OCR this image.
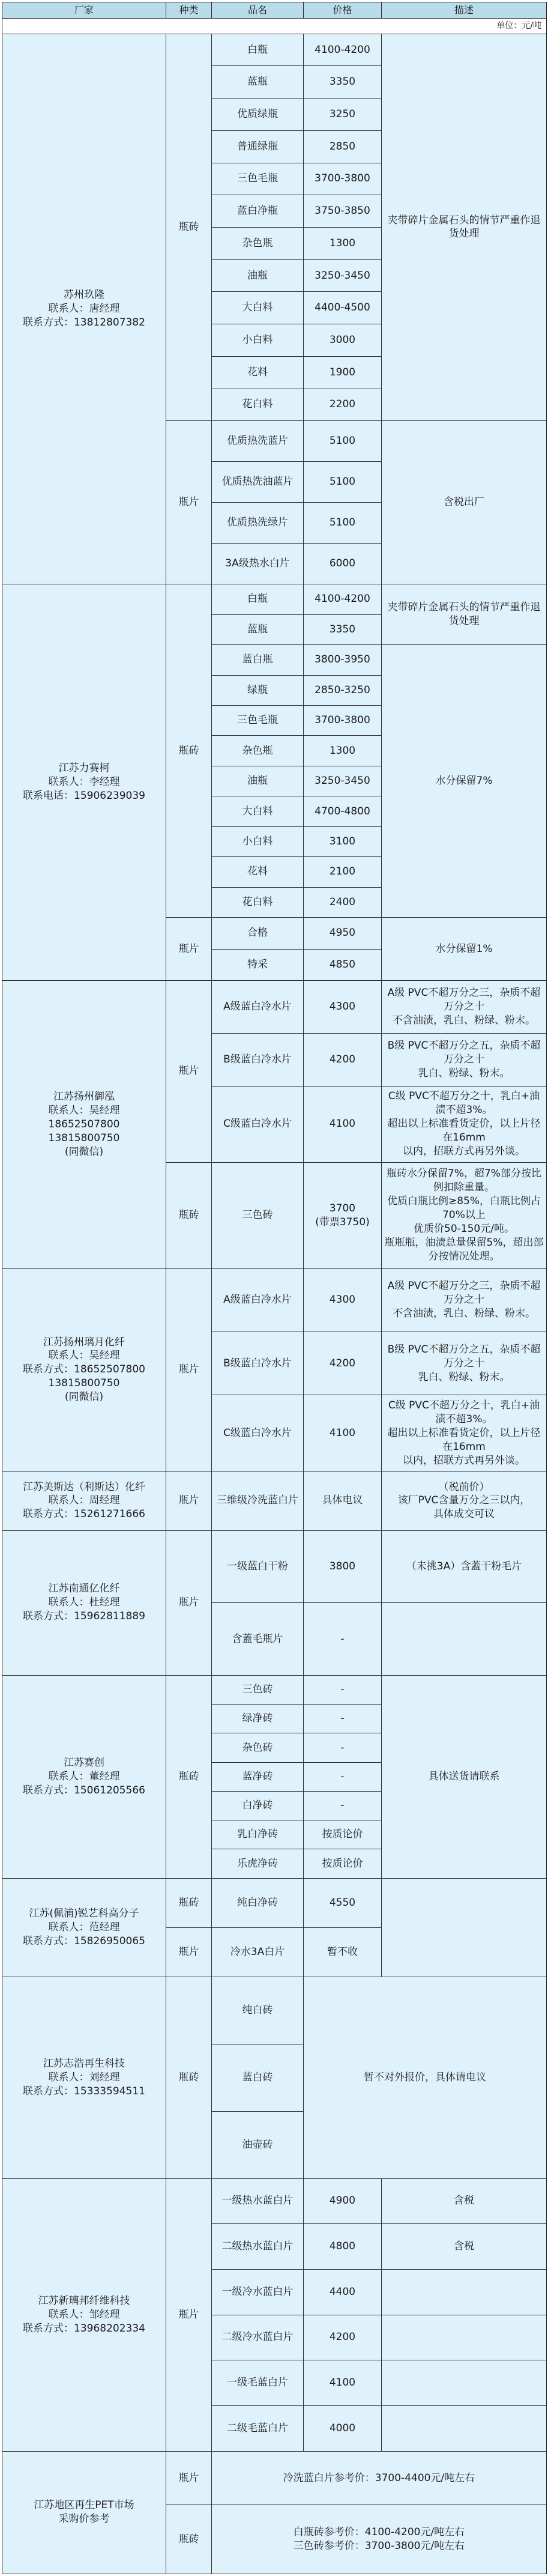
厂家	种类	品名	价格	描述
单位：元/吨				
苏州玖隆
联系人：唐经理
联系方式：13812807382	瓶砖	白瓶	4100-4200	夹带碎片金属石头的情节严重作退货处理
		蓝瓶	3350	
		优质绿瓶	3250	
		普通绿瓶	2850	
		三色毛瓶	3700-3800	
		蓝白净瓶	3750-3850	
		杂色瓶	1300	
		油瓶	3250-3450	
		大白料	4400-4500	
		小白料	3000	
		花料	1900	
		花白料	2200	
	瓶片	优质热洗蓝片	5100	含税出厂
		优质热洗油蓝片	5100	
		优质热洗绿片	5100	
		3A级热水白片	6000	
江苏力赛柯
联系人：李经理
联系电话：15906239039	瓶砖	白瓶	4100-4200	夹带碎片金属石头的情节严重作退货处理
		蓝瓶	3350	
		蓝白瓶	3800-3950	水分保留7%
		绿瓶	2850-3250	
		三色毛瓶	3700-3800	
		杂色瓶	1300	
		油瓶	3250-3450	
		大白料	4700-4800	
		小白料	3100	
		花料	2100	
		花白料	2400	
	瓶片	合格	4950	水分保留1%
		特采	4850	
江苏扬州御泓
联系人：吴经理
18652507800
13815800750
(同微信)	瓶片	A级蓝白冷水片	4300	A级 PVC不超万分之三，杂质不超万分之十
不含油渍，乳白、粉绿、粉末。
		B级蓝白冷水片	4200	B级 PVC不超万分之五，杂质不超万分之十
乳白、粉绿、粉末。
		C级蓝白冷水片	4100	C级 PVC不超万分之十，乳白+油渍不超3%。
超出以上标准看货定价，以上片径在16mm
以内，招联方式再另外谈。
	瓶砖	三色砖	3700
(带票3750)	瓶砖水分保留7%，超7%部分按比例扣除重量。
优质白瓶比例≥85%，白瓶比例占70%以上
优质价50-150元/吨。
瓶瓶瓶，油渍总量保留5%，超出部分按情况处理。
江苏扬州璃月化纤
联系人：吴经理
联系方式：18652507800
13815800750
(同微信)	瓶片	A级蓝白冷水片	4300	A级 PVC不超万分之三，杂质不超万分之十
不含油渍，乳白、粉绿、粉末。
		B级蓝白冷水片	4200	B级 PVC不超万分之五，杂质不超万分之十
乳白、粉绿、粉末。
		C级蓝白冷水片	4100	C级 PVC不超万分之十，乳白+油渍不超3%。
超出以上标准看货定价，以上片径在16mm
以内，招联方式再另外谈。
江苏美斯达（利斯达）化纤
联系人：周经理
联系方式：15261271666	瓶片	三维级冷洗蓝白片	具体电议	（税前价）
该厂PVC含量万分之三以内，
具体成交可议
江苏南通亿化纤
联系人：杜经理
联系方式：15962811889	瓶片	一级蓝白干粉	3800	（未挑3A）含蓋干粉毛片
		含蓋毛瓶片	-	
江苏赛创
联系人：董经理
联系方式：15061205566	瓶砖	三色砖	-	具体送货请联系
		绿净砖	-	
		杂色砖	-	
		蓝净砖	-	
		白净砖	-	
		乳白净砖	按质论价	
		乐虎净砖	按质论价	
江苏(佩浦)锐艺科高分子
联系人：范经理
联系方式：15826950065	瓶砖	纯白净砖	4550	
	瓶片	冷水3A白片	暂不收	
江苏志浩再生科技
联系人：刘经理
联系方式：15333594511	瓶砖	纯白砖	暂不对外报价，具体请电议	
		蓝白砖		
		油壶砖		
江苏新璃邦纤维科技
联系人：邹经理
联系方式：13968202334	瓶片	一级热水蓝白片	4900	含税
		二级热水蓝白片	4800	含税
		一级冷水蓝白片	4400	
		二级冷水蓝白片	4200	
		一级毛蓝白片	4100	
		二级毛蓝白片	4000	
江苏地区再生PET市场
采购价参考	瓶片	冷洗蓝白片参考价：3700-4400元/吨左右		
	瓶砖	白瓶砖参考价：4100-4200元/吨左右
三色砖参考价：3700-3800元/吨左右		
